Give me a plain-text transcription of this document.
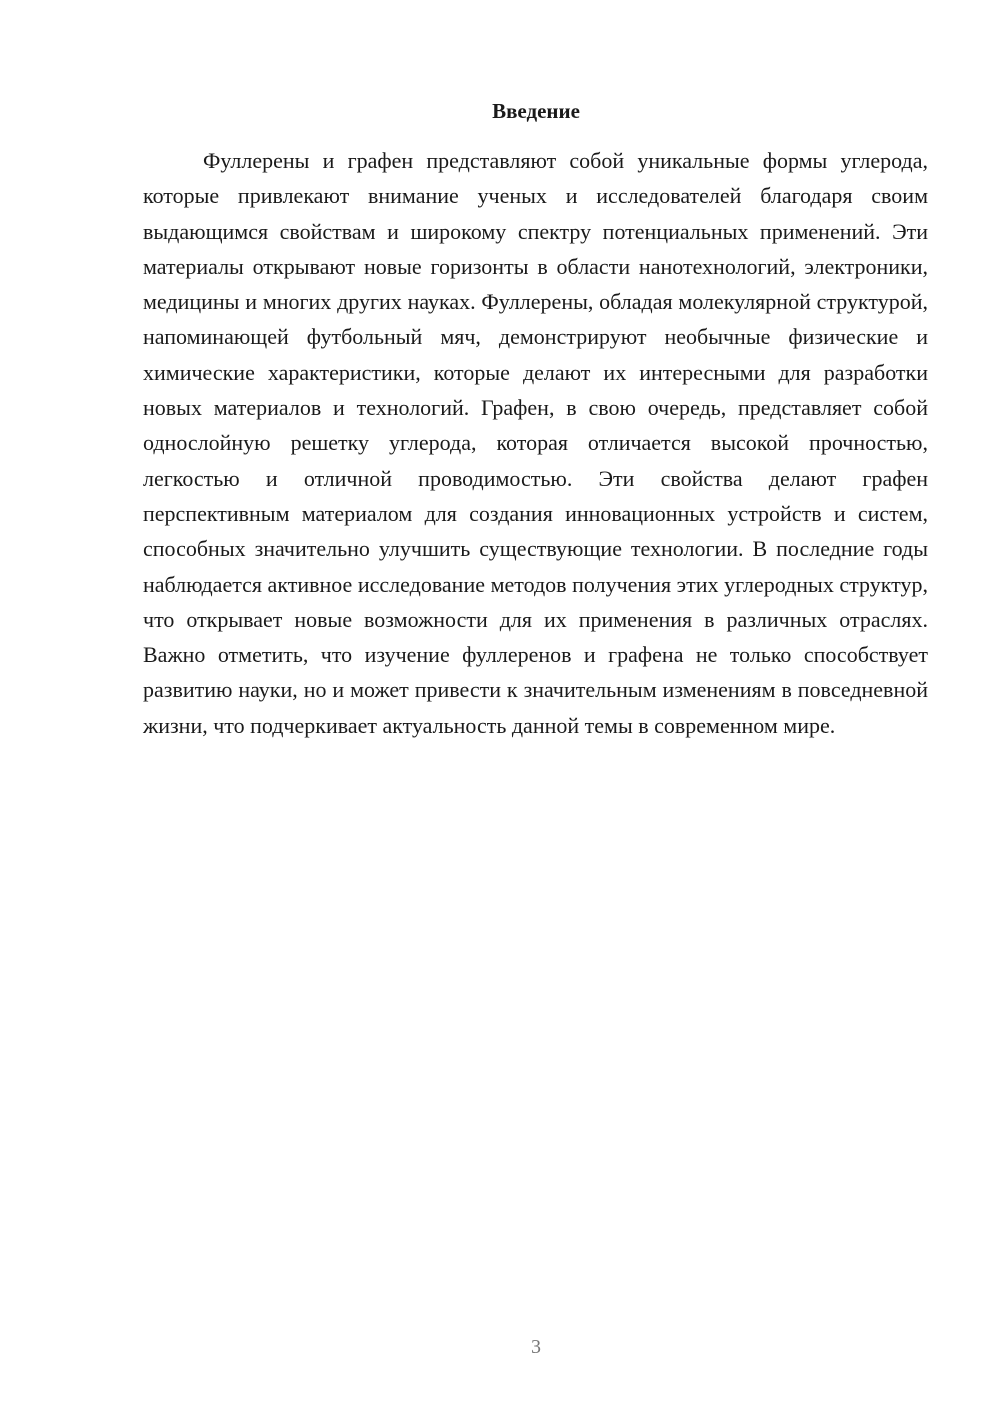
Введение

Фуллерены и графен представляют собой уникальные формы углерода, которые привлекают внимание ученых и исследователей благодаря своим выдающимся свойствам и широкому спектру потенциальных применений. Эти материалы открывают новые горизонты в области нанотехнологий, электроники, медицины и многих других науках. Фуллерены, обладая молекулярной структурой, напоминающей футбольный мяч, демонстрируют необычные физические и химические характеристики, которые делают их интересными для разработки новых материалов и технологий. Графен, в свою очередь, представляет собой однослойную решетку углерода, которая отличается высокой прочностью, легкостью и отличной проводимостью. Эти свойства делают графен перспективным материалом для создания инновационных устройств и систем, способных значительно улучшить существующие технологии. В последние годы наблюдается активное исследование методов получения этих углеродных структур, что открывает новые возможности для их применения в различных отраслях. Важно отметить, что изучение фуллеренов и графена не только способствует развитию науки, но и может привести к значительным изменениям в повседневной жизни, что подчеркивает актуальность данной темы в современном мире.

3
